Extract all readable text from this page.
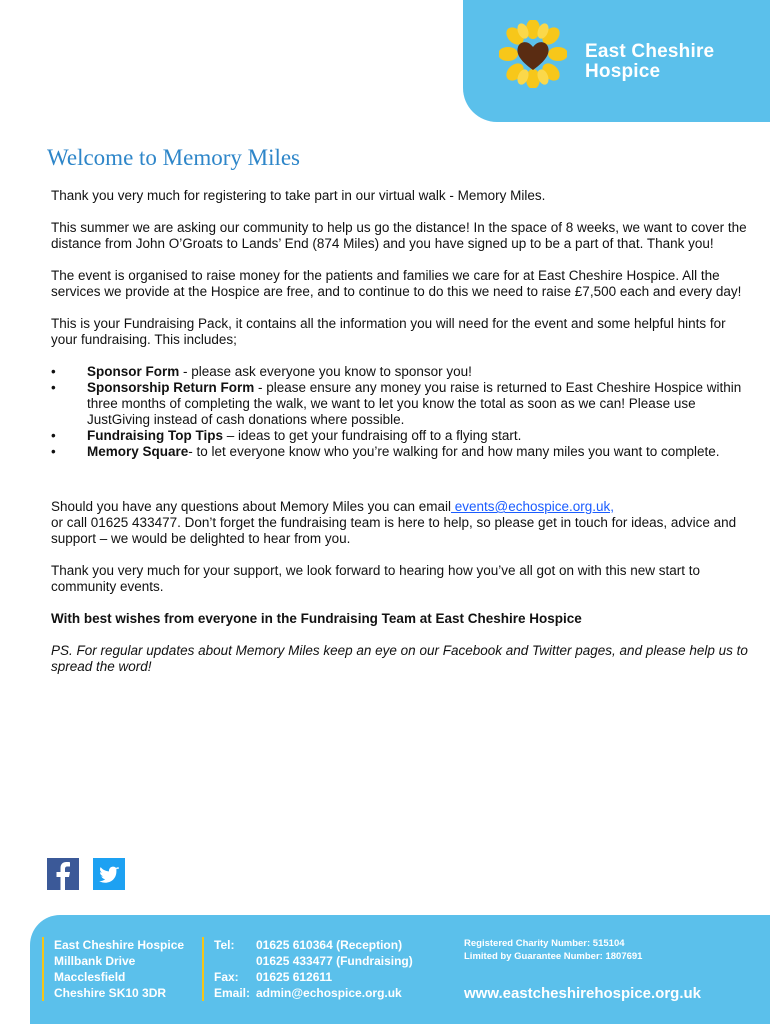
East Cheshire
Hospice
Welcome to Memory Miles

Thank you very much for registering to take part in our virtual walk - Memory Miles.

This summer we are asking our community to help us go the distance! In the space of 8 weeks, we want to cover the distance from John O’Groats to Lands’ End (874 Miles) and you have signed up to be a part of that. Thank you!

The event is organised to raise money for the patients and families we care for at East Cheshire Hospice. All the services we provide at the Hospice are free, and to continue to do this we need to raise £7,500 each and every day!

This is your Fundraising Pack, it contains all the information you will need for the event and some helpful hints for your fundraising. This includes;

• Sponsor Form - please ask everyone you know to sponsor you!
• Sponsorship Return Form - please ensure any money you raise is returned to East Cheshire Hospice within three months of completing the walk, we want to let you know the total as soon as we can! Please use JustGiving instead of cash donations where possible.
• Fundraising Top Tips – ideas to get your fundraising off to a flying start.
• Memory Square- to let everyone know who you’re walking for and how many miles you want to complete.

Should you have any questions about Memory Miles you can email events@echospice.org.uk,
or call 01625 433477. Don’t forget the fundraising team is here to help, so please get in touch for ideas, advice and support – we would be delighted to hear from you.

Thank you very much for your support, we look forward to hearing how you’ve all got on with this new start to community events.

With best wishes from everyone in the Fundraising Team at East Cheshire Hospice

PS. For regular updates about Memory Miles keep an eye on our Facebook and Twitter pages, and please help us to spread the word!

East Cheshire Hospice
Millbank Drive
Macclesfield
Cheshire SK10 3DR
Tel: 01625 610364 (Reception)
01625 433477 (Fundraising)
Fax: 01625 612611
Email: admin@echospice.org.uk
Registered Charity Number: 515104
Limited by Guarantee Number: 1807691
www.eastcheshirehospice.org.uk
